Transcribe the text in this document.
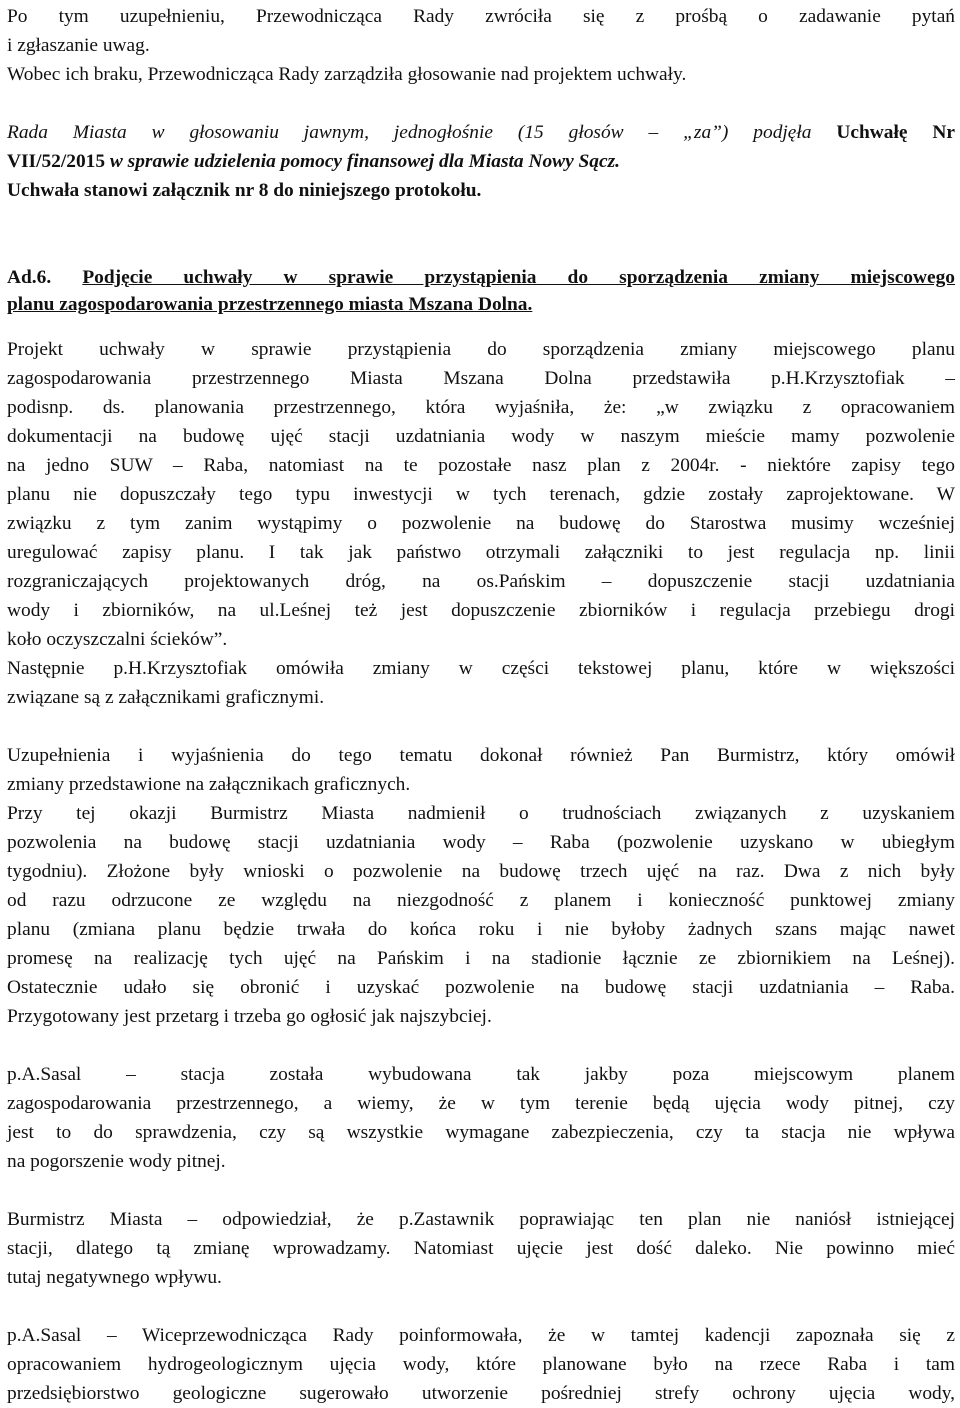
Po tym uzupełnieniu, Przewodnicząca Rady zwróciła się z prośbą o zadawanie pytań
i zgłaszanie uwag.
Wobec ich braku, Przewodnicząca Rady zarządziła głosowanie nad projektem uchwały.
Rada Miasta w głosowaniu jawnym, jednogłośnie (15 głosów – „za”) podjęła Uchwałę Nr
VII/52/2015 w sprawie udzielenia pomocy finansowej dla Miasta Nowy Sącz.
Uchwała stanowi załącznik nr 8 do niniejszego protokołu.
Ad.6. Podjęcie uchwały w sprawie przystąpienia do sporządzenia zmiany miejscowego
planu zagospodarowania przestrzennego miasta Mszana Dolna.
Projekt uchwały w sprawie przystąpienia do sporządzenia zmiany miejscowego planu
zagospodarowania przestrzennego Miasta Mszana Dolna przedstawiła p.H.Krzysztofiak –
podisnp. ds. planowania przestrzennego, która wyjaśniła, że: „w związku z opracowaniem
dokumentacji na budowę ujęć stacji uzdatniania wody w naszym mieście mamy pozwolenie
na jedno SUW – Raba, natomiast na te pozostałe nasz plan z 2004r. - niektóre zapisy tego
planu nie dopuszczały tego typu inwestycji w tych terenach, gdzie zostały zaprojektowane. W
związku z tym zanim wystąpimy o pozwolenie na budowę do Starostwa musimy wcześniej
uregulować zapisy planu. I tak jak państwo otrzymali załączniki to jest regulacja np. linii
rozgraniczających projektowanych dróg, na os.Pańskim – dopuszczenie stacji uzdatniania
wody i zbiorników, na ul.Leśnej też jest dopuszczenie zbiorników i regulacja przebiegu drogi
koło oczyszczalni ścieków”.
Następnie p.H.Krzysztofiak omówiła zmiany w części tekstowej planu, które w większości
związane są z załącznikami graficznymi.
Uzupełnienia i wyjaśnienia do tego tematu dokonał również Pan Burmistrz, który omówił
zmiany przedstawione na załącznikach graficznych.
Przy tej okazji Burmistrz Miasta nadmienił o trudnościach związanych z uzyskaniem
pozwolenia na budowę stacji uzdatniania wody – Raba (pozwolenie uzyskano w ubiegłym
tygodniu). Złożone były wnioski o pozwolenie na budowę trzech ujęć na raz. Dwa z nich były
od razu odrzucone ze względu na niezgodność z planem i konieczność punktowej zmiany
planu (zmiana planu będzie trwała do końca roku i nie byłoby żadnych szans mając nawet
promesę na realizację tych ujęć na Pańskim i na stadionie łącznie ze zbiornikiem na Leśnej).
Ostatecznie udało się obronić i uzyskać pozwolenie na budowę stacji uzdatniania – Raba.
Przygotowany jest przetarg i trzeba go ogłosić jak najszybciej.
p.A.Sasal – stacja została wybudowana tak jakby poza miejscowym planem
zagospodarowania przestrzennego, a wiemy, że w tym terenie będą ujęcia wody pitnej, czy
jest to do sprawdzenia, czy są wszystkie wymagane zabezpieczenia, czy ta stacja nie wpływa
na pogorszenie wody pitnej.
Burmistrz Miasta – odpowiedział, że p.Zastawnik poprawiając ten plan nie naniósł istniejącej
stacji, dlatego tą zmianę wprowadzamy. Natomiast ujęcie jest dość daleko. Nie powinno mieć
tutaj negatywnego wpływu.
p.A.Sasal – Wiceprzewodnicząca Rady poinformowała, że w tamtej kadencji zapoznała się z
opracowaniem hydrogeologicznym ujęcia wody, które planowane było na rzece Raba i tam
przedsiębiorstwo geologiczne sugerowało utworzenie pośredniej strefy ochrony ujęcia wody,
